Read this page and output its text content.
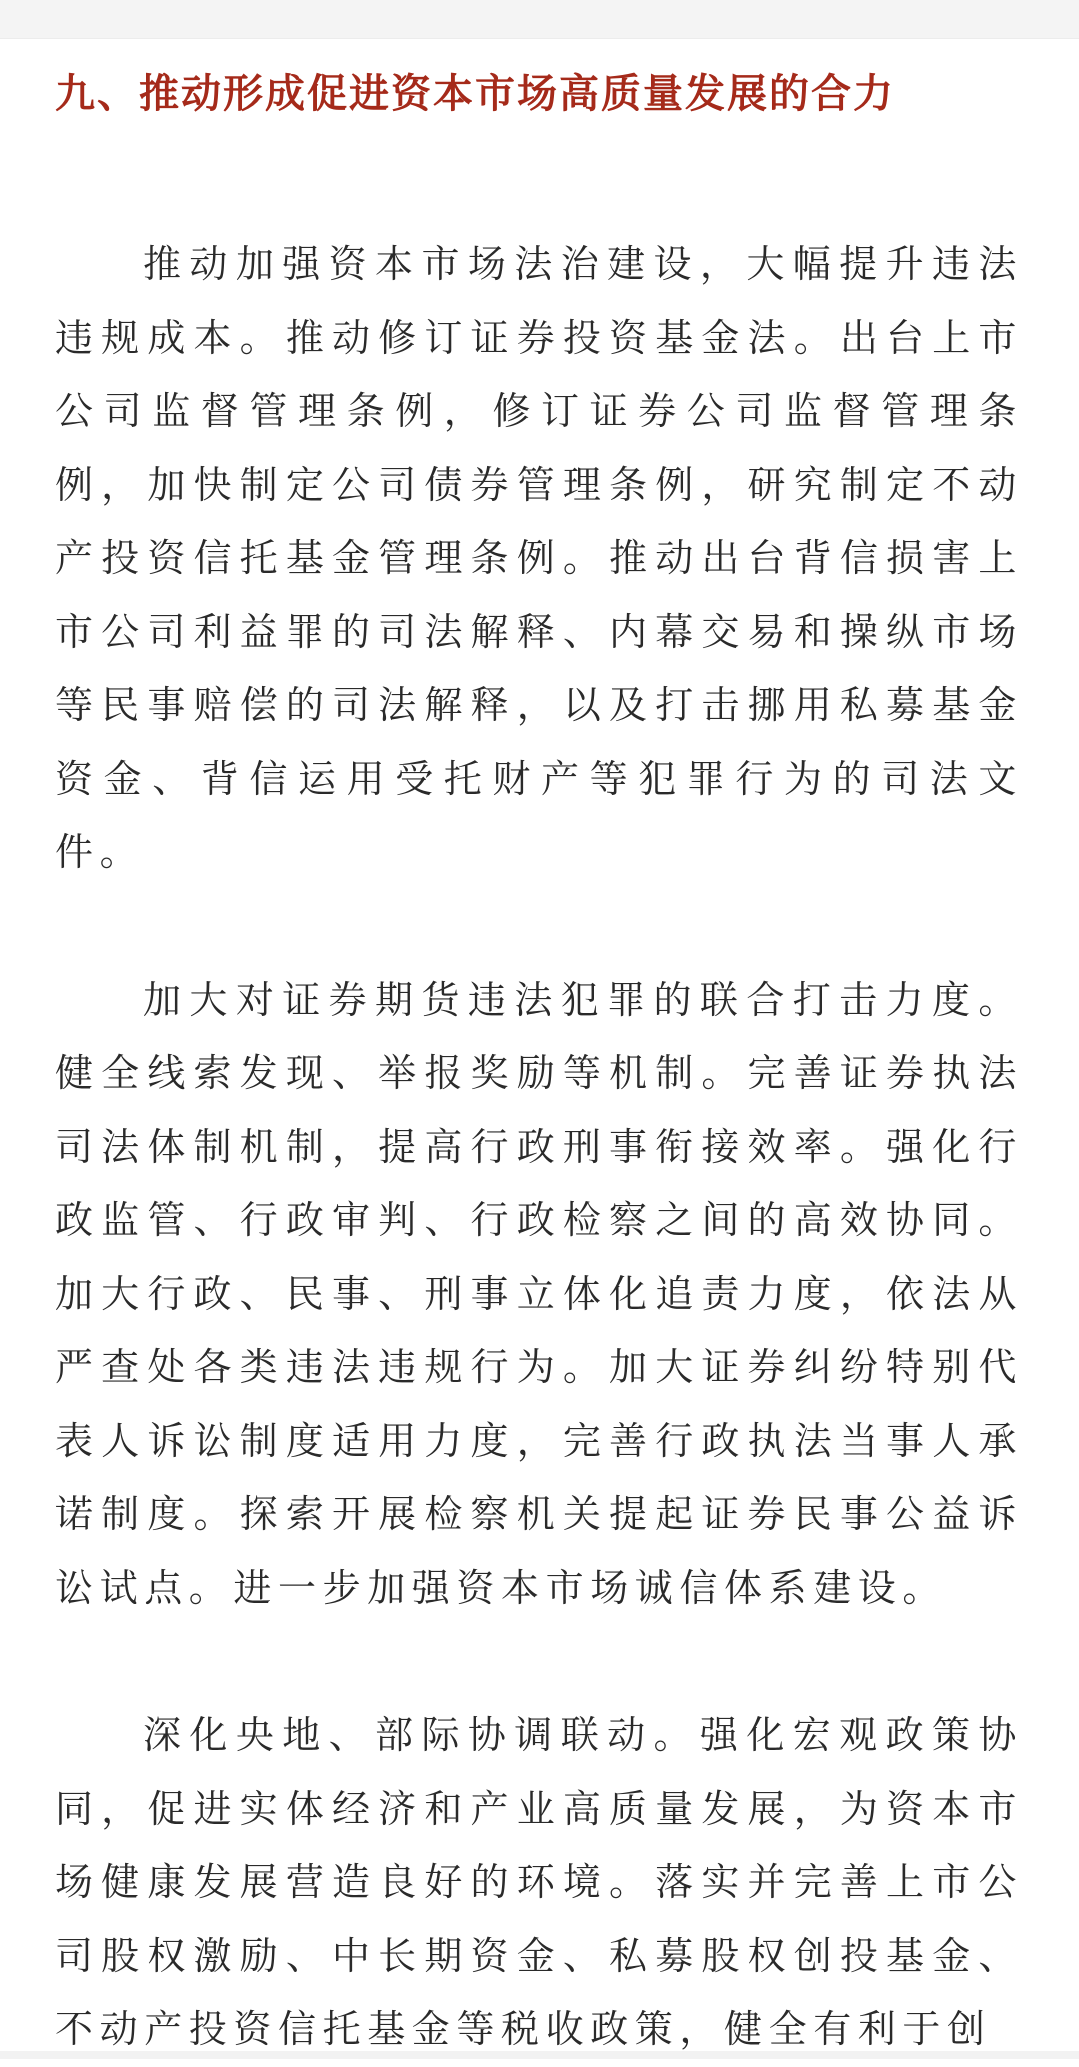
九、推动形成促进资本市场高质量发展的合力

推动加强资本市场法治建设，大幅提升违法违规成本。推动修订证券投资基金法。出台上市公司监督管理条例，修订证券公司监督管理条例，加快制定公司债券管理条例，研究制定不动产投资信托基金管理条例。推动出台背信损害上市公司利益罪的司法解释、内幕交易和操纵市场等民事赔偿的司法解释，以及打击挪用私募基金资金、背信运用受托财产等犯罪行为的司法文件。

加大对证券期货违法犯罪的联合打击力度。健全线索发现、举报奖励等机制。完善证券执法司法体制机制，提高行政刑事衔接效率。强化行政监管、行政审判、行政检察之间的高效协同。加大行政、民事、刑事立体化追责力度，依法从严查处各类违法违规行为。加大证券纠纷特别代表人诉讼制度适用力度，完善行政执法当事人承诺制度。探索开展检察机关提起证券民事公益诉讼试点。进一步加强资本市场诚信体系建设。

深化央地、部际协调联动。强化宏观政策协同，促进实体经济和产业高质量发展，为资本市场健康发展营造良好的环境。落实并完善上市公司股权激励、中长期资金、私募股权创投基金、不动产投资信托基金等税收政策，健全有利于创
